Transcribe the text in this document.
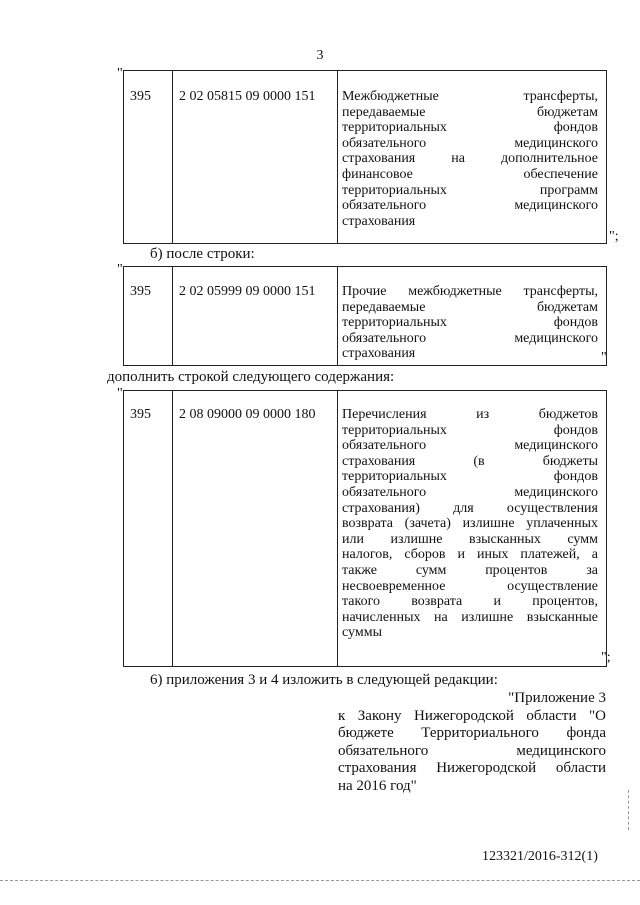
3
"
395 2 02 05815 09 0000 151 Межбюджетные	трансферты,
передаваемые	бюджетам
территориальных	фондов
обязательного	медицинского
страхования	на	дополнительное
финансовое	обеспечение
территориальных	программ
обязательного	медицинского
страхования
";
б) после строки:
"
395 2 02 05999 09 0000 151 Прочие межбюджетные трансферты,
передаваемые	бюджетам
территориальных	фондов
обязательного	медицинского
страхования	"
дополнить строкой следующего содержания:
"
395 2 08 09000 09 0000 180 Перечисления	из	бюджетов
территориальных	фондов
обязательного	медицинского
страхования	(в	бюджеты
территориальных	фондов
обязательного	медицинского
страхования) для осуществления
возврата (зачета) излишне уплаченных
или излишне взысканных сумм
налогов, сборов и иных платежей, а
также	сумм	процентов	за
несвоевременное	осуществление
такого возврата и процентов,
начисленных на излишне взысканные
суммы
";
6) приложения 3 и 4 изложить в следующей редакции:
"Приложение 3
к Закону Нижегородской области "О
бюджете Территориального фонда
обязательного	медицинского
страхования Нижегородской области
на 2016 год"
123321/2016-312(1)
